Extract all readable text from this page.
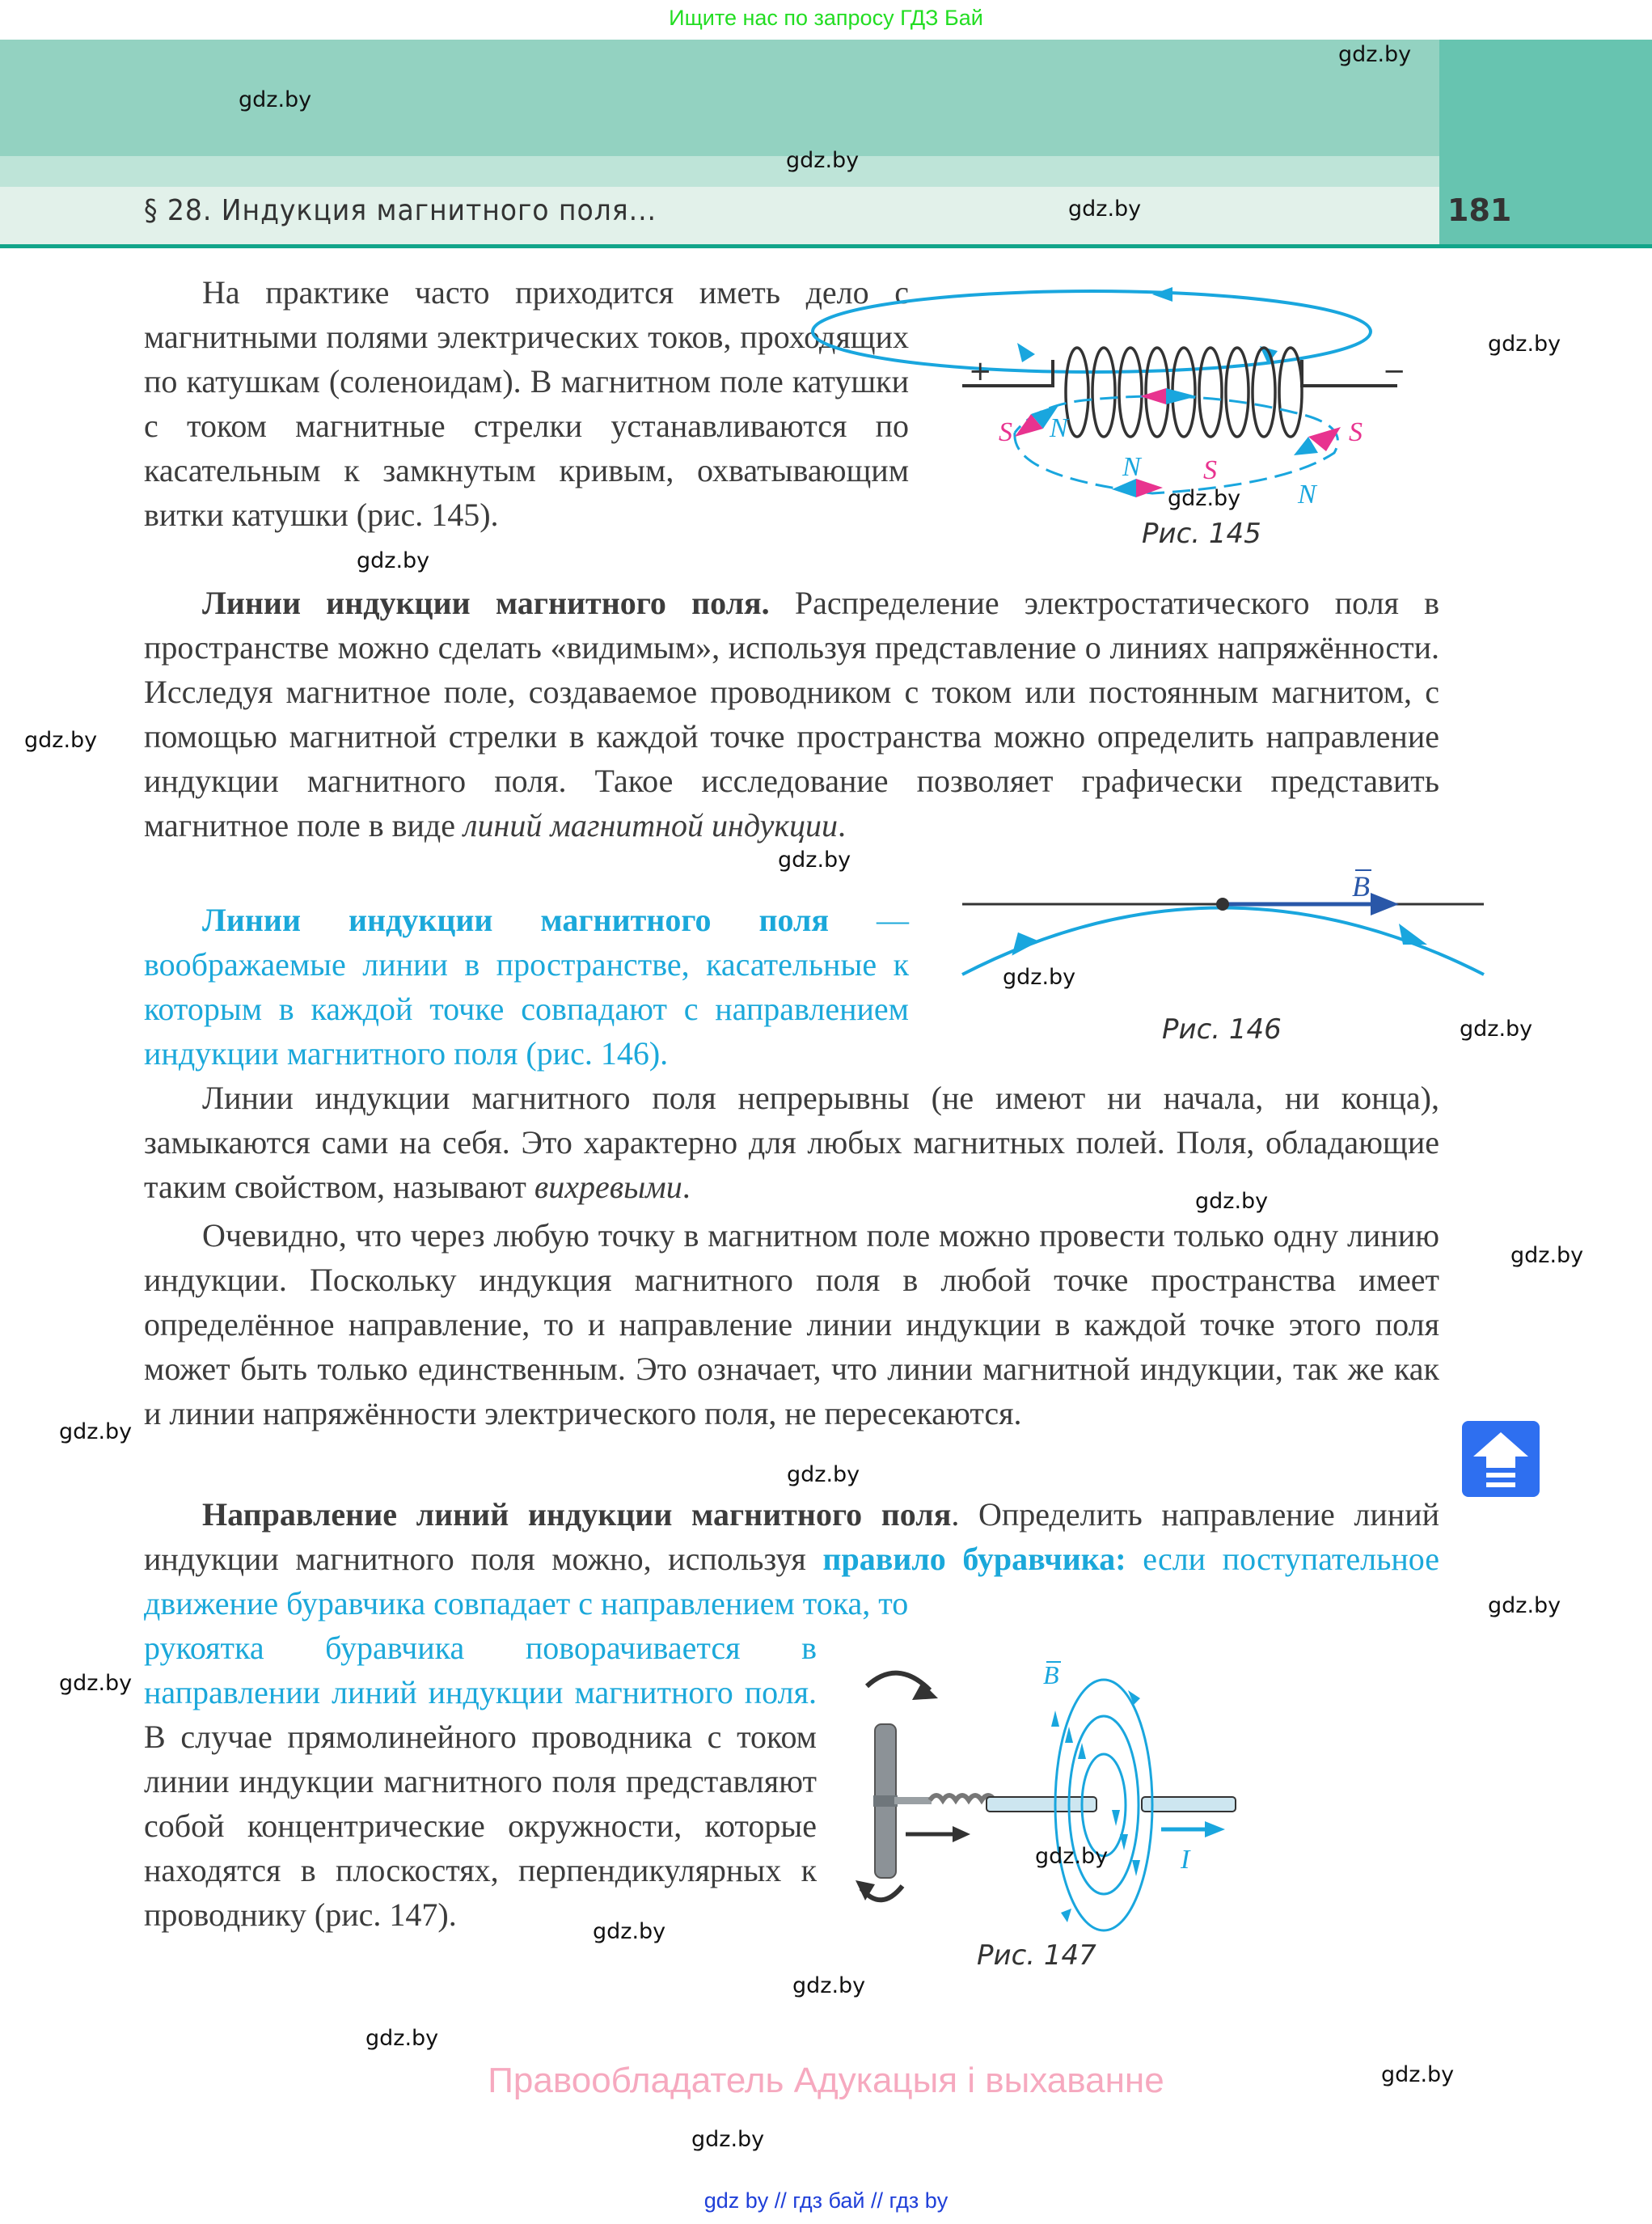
Ищите нас по запросу ГДЗ Бай
§ 28. Индукция магнитного поля...	181

На практике часто приходится иметь дело с магнитными полями электрических токов, проходящих по катушкам (соленоидам). В магнитном поле катушки с током магнитные стрелки устанавливаются по касательным к замкнутым кривым, охватывающим витки катушки (рис. 145).

+	−
S N
N S
S
N
Рис. 145

Линии индукции магнитного поля. Распределение электростатического поля в пространстве можно сделать «видимым», используя представление о линиях напряжённости. Исследуя магнитное поле, создаваемое проводником с током или постоянным магнитом, с помощью магнитной стрелки в каждой точке пространства можно определить направление индукции магнитного поля. Такое исследование позволяет графически представить магнитное поле в виде линий магнитной индукции.

Линии индукции магнитного поля — воображаемые линии в пространстве, касательные к которым в каждой точке совпадают с направлением индукции магнитного поля (рис. 146).

B
Рис. 146

Линии индукции магнитного поля непрерывны (не имеют ни начала, ни конца), замыкаются сами на себя. Это характерно для любых магнитных полей. Поля, обладающие таким свойством, называют вихревыми.

Очевидно, что через любую точку в магнитном поле можно провести только одну линию индукции. Поскольку индукция магнитного поля в любой точке пространства имеет определённое направление, то и направление линии индукции в каждой точке этого поля может быть только единственным. Это означает, что линии магнитной индукции, так же как и линии напряжённости электрического поля, не пересекаются.

Направление линий индукции магнитного поля. Определить направление линий индукции магнитного поля можно, используя правило буравчика: если поступательное движение буравчика совпадает с направлением тока, то

рукоятка буравчика поворачивается в направлении линий индукции магнитного поля. В случае прямолинейного проводника с током линии индукции магнитного поля представляют собой концентрические окружности, которые находятся в плоскостях, перпендикулярных к проводнику (рис. 147).

I
B
Рис. 147
gdz.by
gdz.by
gdz.by
gdz.by
gdz.by
gdz.by
gdz.by
gdz.by
gdz.by
gdz.by
gdz.by
gdz.by
gdz.by
gdz.by
gdz.by
gdz.by
gdz.by
gdz.by
gdz.by
gdz.by
gdz.by
gdz.by
gdz.by
Правообладатель Адукацыя і выхаванне
gdz by // гдз бай // гдз by
